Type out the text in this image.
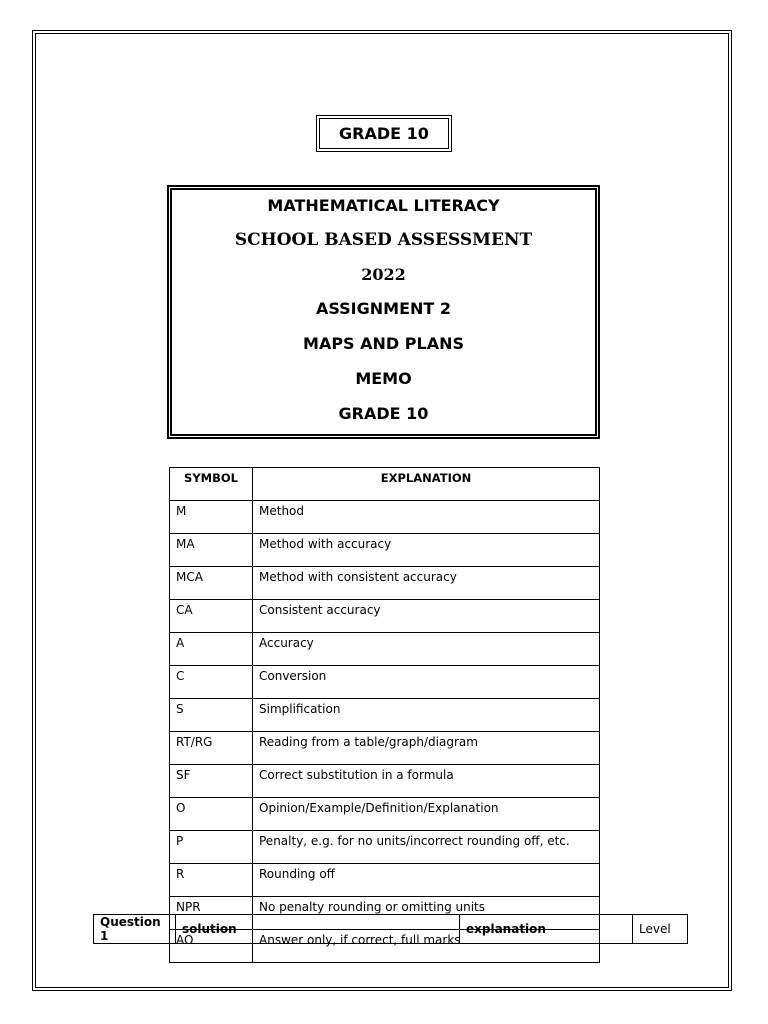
GRADE 10
MATHEMATICAL LITERACY
SCHOOL BASED ASSESSMENT
2022
ASSIGNMENT 2
MAPS AND PLANS
MEMO
GRADE 10
SYMBOL	EXPLANATION
M	Method
MA	Method with accuracy
MCA	Method with consistent accuracy
CA	Consistent accuracy
A	Accuracy
C	Conversion
S	Simplification
RT/RG	Reading from a table/graph/diagram
SF	Correct substitution in a formula
O	Opinion/Example/Definition/Explanation
P	Penalty, e.g. for no units/incorrect rounding off, etc.
R	Rounding off
NPR	No penalty rounding or omitting units
AO	Answer only, if correct, full marks
Question 1	solution	explanation	Level
